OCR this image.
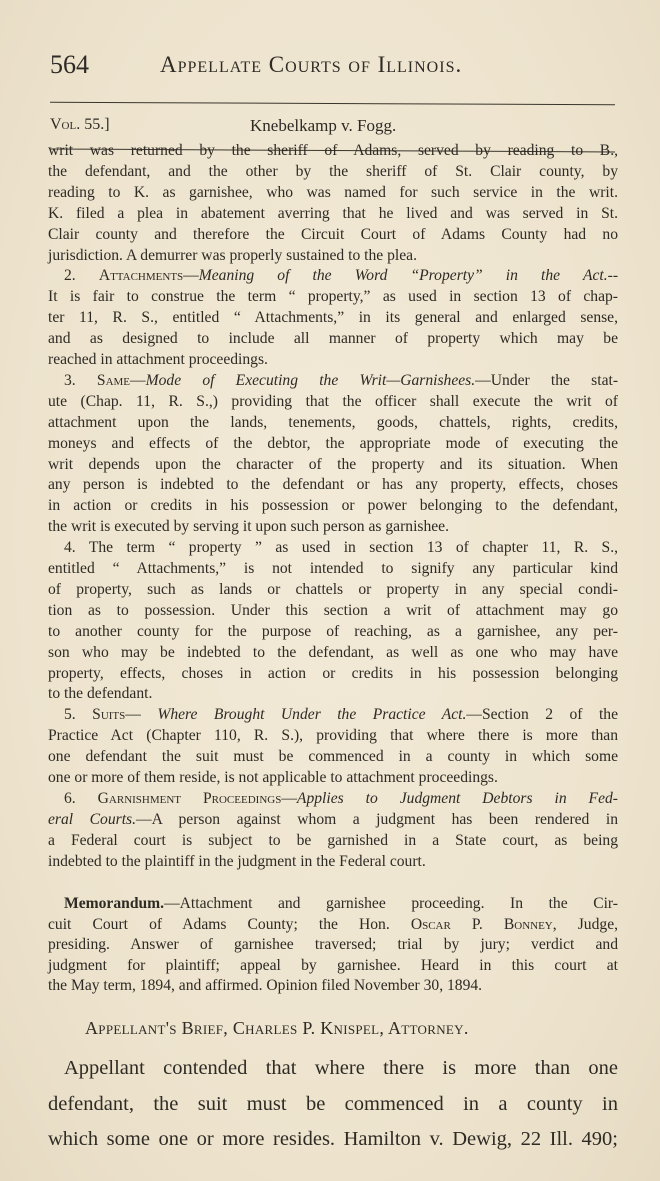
564	Appellate Courts of Illinois.
Vol. 55.]	Knebelkamp v. Fogg.
writ was returned by the sheriff of Adams, served by reading to B.,
the defendant, and the other by the sheriff of St. Clair county, by
reading to K. as garnishee, who was named for such service in the writ.
K. filed a plea in abatement averring that he lived and was served in St.
Clair county and therefore the Circuit Court of Adams County had no
jurisdiction. A demurrer was properly sustained to the plea.
2. Attachments—Meaning of the Word “Property” in the Act.--
It is fair to construe the term “ property,” as used in section 13 of chap-
ter 11, R. S., entitled “ Attachments,” in its general and enlarged sense,
and as designed to include all manner of property which may be
reached in attachment proceedings.
3. Same—Mode of Executing the Writ—Garnishees.—Under the stat-
ute (Chap. 11, R. S.,) providing that the officer shall execute the writ of
attachment upon the lands, tenements, goods, chattels, rights, credits,
moneys and effects of the debtor, the appropriate mode of executing the
writ depends upon the character of the property and its situation. When
any person is indebted to the defendant or has any property, effects, choses
in action or credits in his possession or power belonging to the defendant,
the writ is executed by serving it upon such person as garnishee.
4. The term “ property ” as used in section 13 of chapter 11, R. S.,
entitled “ Attachments,” is not intended to signify any particular kind
of property, such as lands or chattels or property in any special condi-
tion as to possession. Under this section a writ of attachment may go
to another county for the purpose of reaching, as a garnishee, any per-
son who may be indebted to the defendant, as well as one who may have
property, effects, choses in action or credits in his possession belonging
to the defendant.
5. Suits— Where Brought Under the Practice Act.—Section 2 of the
Practice Act (Chapter 110, R. S.), providing that where there is more than
one defendant the suit must be commenced in a county in which some
one or more of them reside, is not applicable to attachment proceedings.
6. Garnishment Proceedings—Applies to Judgment Debtors in Fed-
eral Courts.—A person against whom a judgment has been rendered in
a Federal court is subject to be garnished in a State court, as being
indebted to the plaintiff in the judgment in the Federal court.
Memorandum.—Attachment and garnishee proceeding. In the Cir-
cuit Court of Adams County; the Hon. Oscar P. Bonney, Judge,
presiding. Answer of garnishee traversed; trial by jury; verdict and
judgment for plaintiff; appeal by garnishee. Heard in this court at
the May term, 1894, and affirmed. Opinion filed November 30, 1894.
Appellant's Brief, Charles P. Knispel, Attorney.
Appellant contended that where there is more than one
defendant, the suit must be commenced in a county in
which some one or more resides. Hamilton v. Dewig, 22 Ill. 490;
